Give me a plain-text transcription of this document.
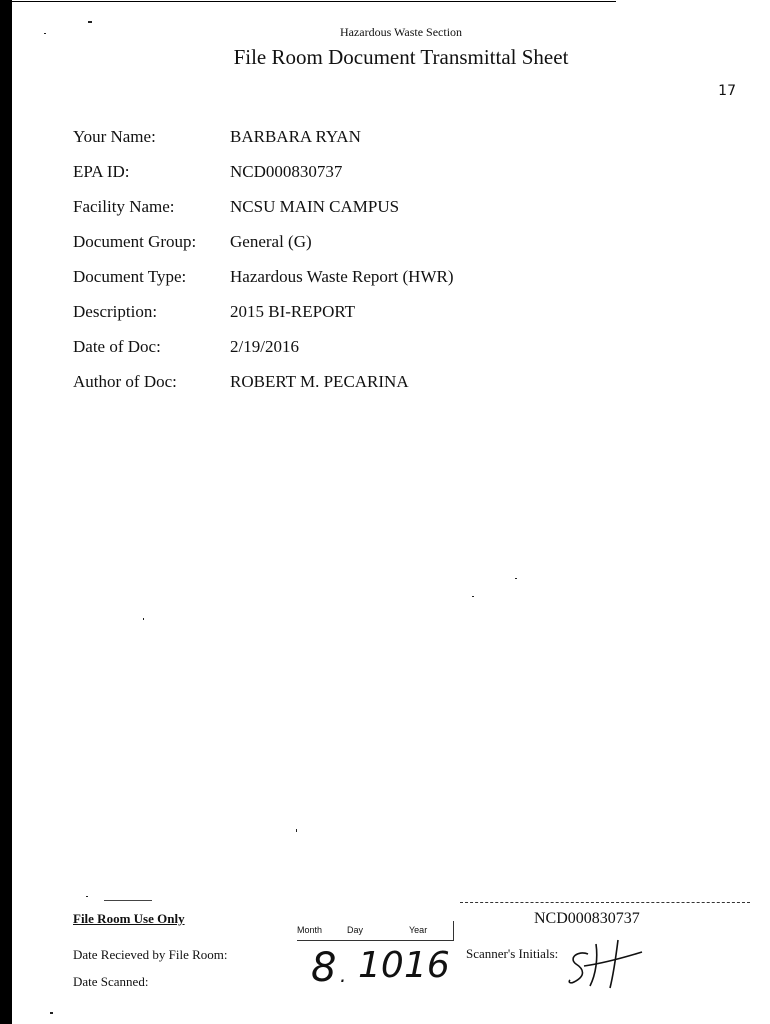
Hazardous Waste Section
File Room Document Transmittal Sheet
17
Your Name:	BARBARA RYAN
EPA ID:	NCD000830737
Facility Name:	NCSU MAIN CAMPUS
Document Group:	General (G)
Document Type:	Hazardous Waste Report (HWR)
Description:	2015 BI-REPORT
Date of Doc:	2/19/2016
Author of Doc:	ROBERT M. PECARINA
File Room Use Only
Date Recieved by File Room:
Date Scanned:
Month	Day	Year
8 . 10 16
NCD000830737
Scanner's Initials:
